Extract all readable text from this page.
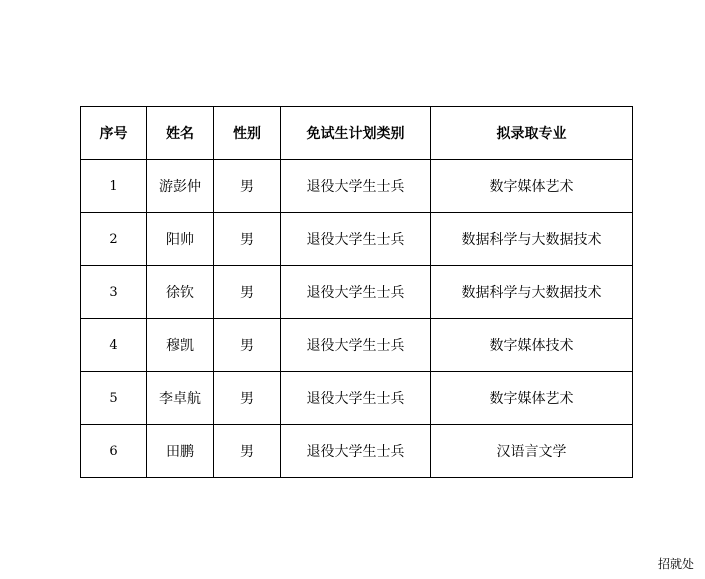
序号	姓名	性别	免试生计划类别	拟录取专业
1	游彭仲	男	退役大学生士兵	数字媒体艺术
2	阳帅	男	退役大学生士兵	数据科学与大数据技术
3	徐钦	男	退役大学生士兵	数据科学与大数据技术
4	穆凯	男	退役大学生士兵	数字媒体技术
5	李卓航	男	退役大学生士兵	数字媒体艺术
6	田鹏	男	退役大学生士兵	汉语言文学
招就处
